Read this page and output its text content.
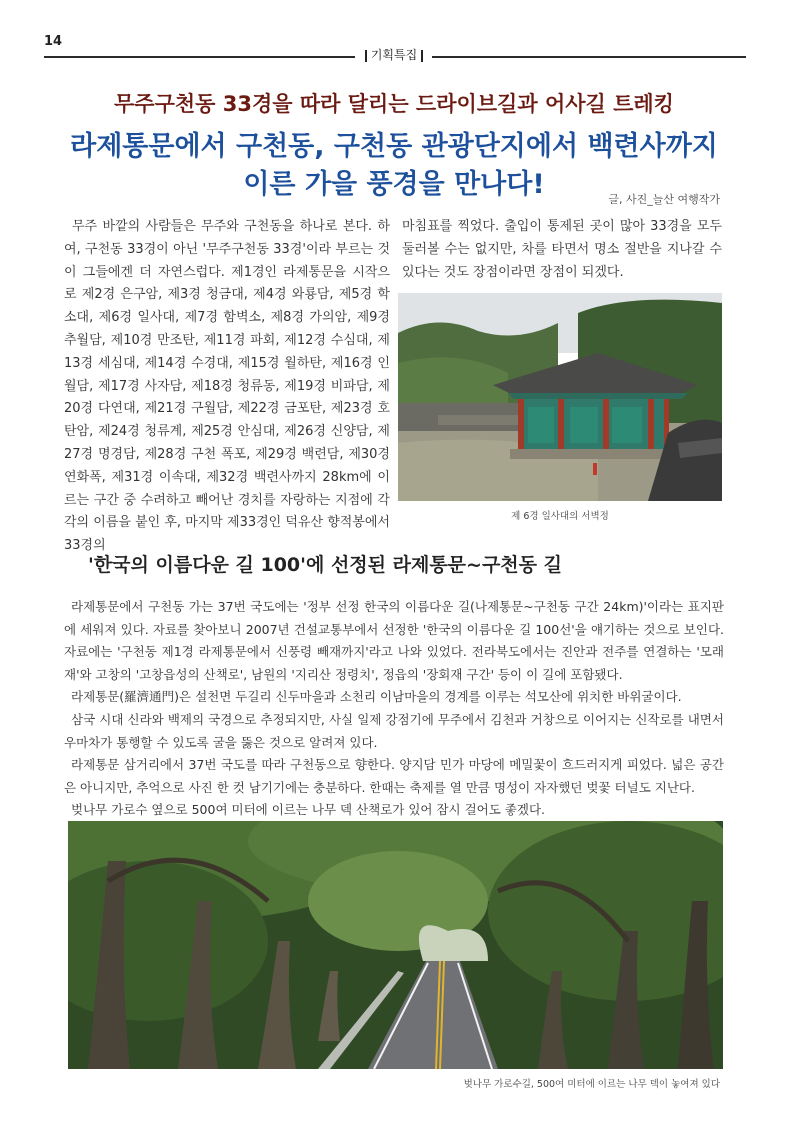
14
기획특집
무주구천동 33경을 따라 달리는 드라이브길과 어사길 트레킹
라제통문에서 구천동, 구천동 관광단지에서 백련사까지
이른 가을 풍경을 만나다!	글, 사진_늘산 여행작가

무주 바깥의 사람들은 무주와 구천동을 하나로 본다. 하여, 구천동 33경이 아닌 '무주구천동 33경'이라 부르는 것이 그들에겐 더 자연스럽다. 제1경인 라제통문을 시작으로 제2경 은구암, 제3경 청금대, 제4경 와룡담, 제5경 학소대, 제6경 일사대, 제7경 함벽소, 제8경 가의암, 제9경 추월담, 제10경 만조탄, 제11경 파회, 제12경 수심대, 제13경 세심대, 제14경 수경대, 제15경 월하탄, 제16경 인월담, 제17경 사자담, 제18경 청류동, 제19경 비파담, 제20경 다연대, 제21경 구월담, 제22경 금포탄, 제23경 호탄암, 제24경 청류계, 제25경 안심대, 제26경 신양담, 제27경 명경담, 제28경 구천 폭포, 제29경 백련담, 제30경 연화폭, 제31경 이속대, 제32경 백련사까지 28km에 이르는 구간 중 수려하고 빼어난 경치를 자랑하는 지점에 각각의 이름을 붙인 후, 마지막 제33경인 덕유산 향적봉에서 33경의

마침표를 찍었다. 출입이 통제된 곳이 많아 33경을 모두 둘러볼 수는 없지만, 차를 타면서 명소 절반을 지나갈 수 있다는 것도 장점이라면 장점이 되겠다.

제 6경 일사대의 서벽정
'한국의 이름다운 길 100'에 선정된 라제통문~구천동 길

라제통문에서 구천동 가는 37번 국도에는 '정부 선정 한국의 이름다운 길(나제통문~구천동 구간 24km)'이라는 표지판에 세워져 있다. 자료를 찾아보니 2007년 건설교통부에서 선정한 '한국의 이름다운 길 100선'을 얘기하는 것으로 보인다. 자료에는 '구천동 제1경 라제통문에서 신풍령 빼재까지'라고 나와 있었다. 전라북도에서는 진안과 전주를 연결하는 '모래재'와 고창의 '고창읍성의 산책로', 남원의 '지리산 정령치', 정읍의 '장회재 구간' 등이 이 길에 포함됐다.

라제통문(羅濟通門)은 설천면 두길리 신두마을과 소천리 이남마을의 경계를 이루는 석모산에 위치한 바위굴이다.

삼국 시대 신라와 백제의 국경으로 추정되지만, 사실 일제 강점기에 무주에서 김천과 거창으로 이어지는 신작로를 내면서 우마차가 통행할 수 있도록 굴을 뚫은 것으로 알려져 있다.

라제통문 삼거리에서 37번 국도를 따라 구천동으로 향한다. 양지담 민가 마당에 메밀꽃이 흐드러지게 피었다. 넓은 공간은 아니지만, 추억으로 사진 한 컷 남기기에는 충분하다. 한때는 축제를 열 만큼 명성이 자자했던 벚꽃 터널도 지난다.

벚나무 가로수 옆으로 500여 미터에 이르는 나무 덱 산책로가 있어 잠시 걸어도 좋겠다.

벚나무 가로수길, 500여 미터에 이르는 나무 덱이 놓여져 있다
